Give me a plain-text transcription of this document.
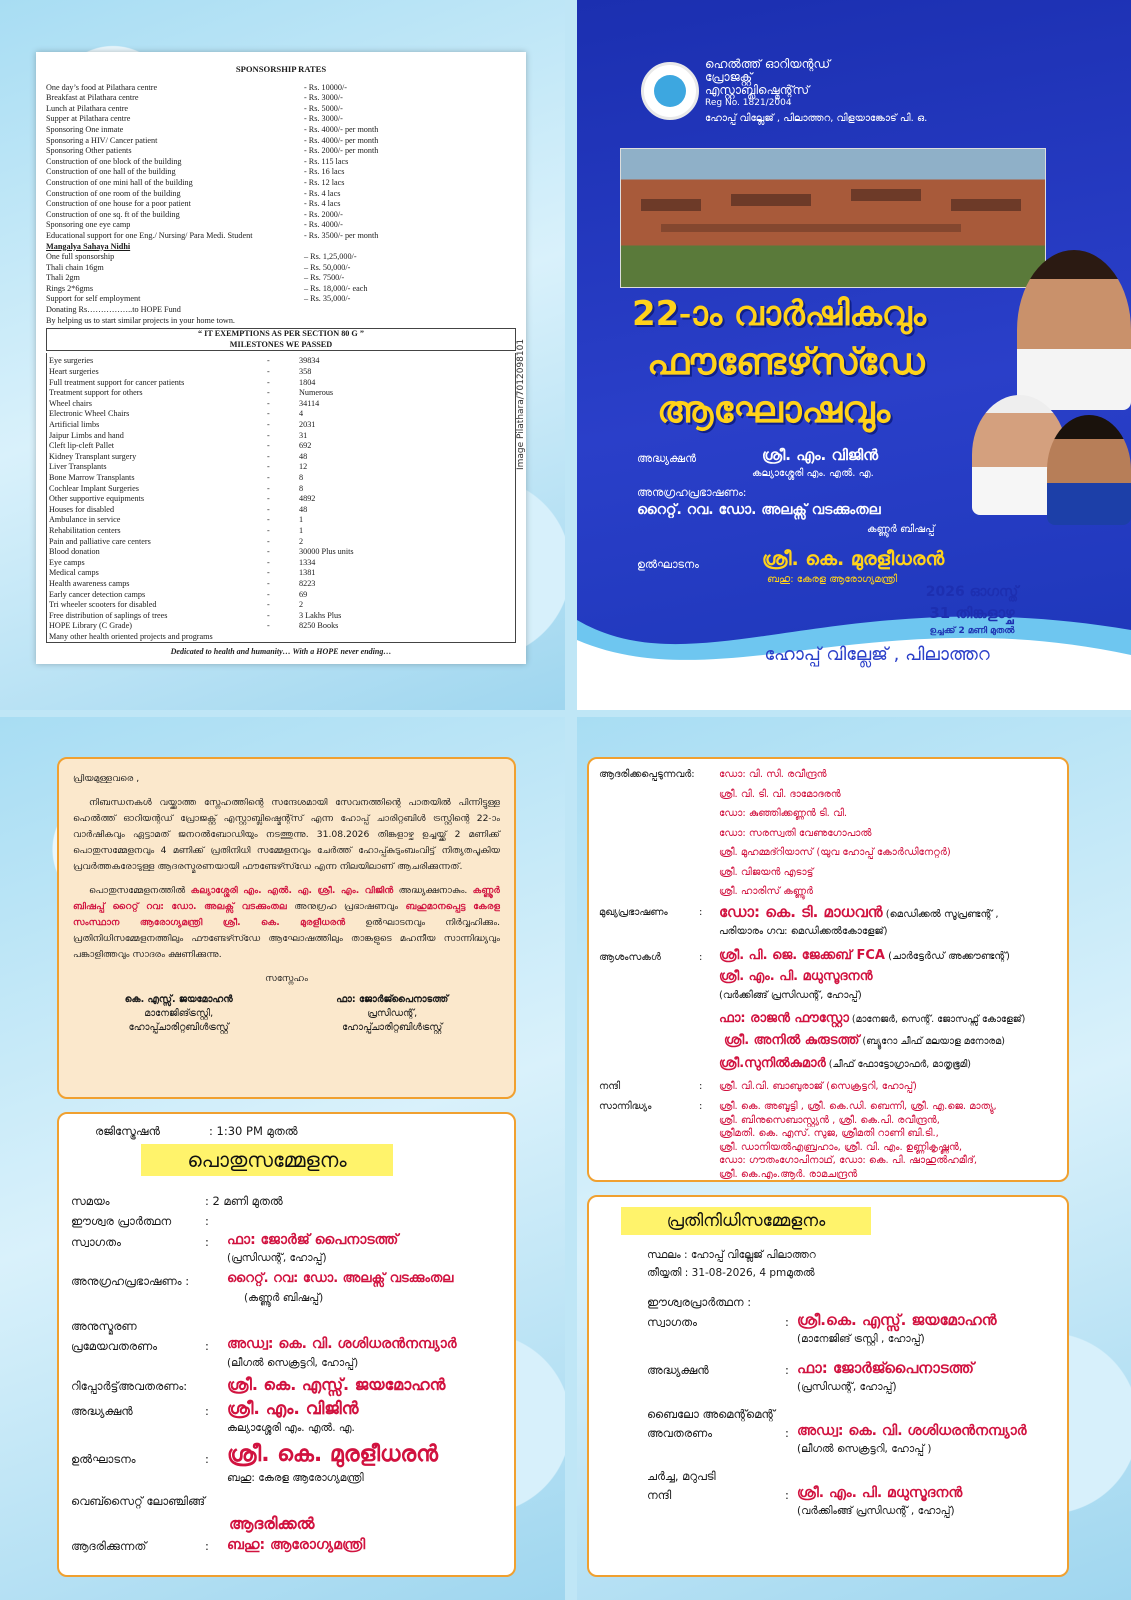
SPONSORSHIP RATES
One day’s food at Pilathara centre	- Rs. 10000/-
Breakfast at Pilathara centre	- Rs. 3000/-
Lunch at Pilathara centre	- Rs. 5000/-
Supper at Pilathara centre	- Rs. 3000/-
Sponsoring One inmate	- Rs. 4000/- per month
Sponsoring a HIV/ Cancer patient	- Rs. 4000/- per month
Sponsoring Other patients	- Rs. 2000/- per month
Construction of one block of the building	- Rs. 115 lacs
Construction of one hall of the building	- Rs. 16 lacs
Construction of one mini hall of the building	- Rs. 12 lacs
Construction of one room of the building	- Rs. 4 lacs
Construction of one house for a poor patient	- Rs. 4 lacs
Construction of one sq. ft of the building	- Rs. 2000/-
Sponsoring one eye camp	- Rs. 4000/-
Educational support for one Eng./ Nursing/ Para Medi. Student	- Rs. 3500/- per month
Mangalya Sahaya Nidhi
One full sponsorship	– Rs. 1,25,000/-
Thali chain 16gm	– Rs. 50,000/-
Thali 2gm	– Rs. 7500/-
Rings 2*6gms	– Rs. 18,000/- each
Support for self employment	– Rs. 35,000/-
Donating Rs……………..to HOPE Fund
By helping us to start similar projects in your home town.
“ IT EXEMPTIONS AS PER SECTION 80 G ”
MILESTONES WE PASSED
Eye surgeries	-	39834
Heart surgeries	-	358
Full treatment support for cancer patients	-	1804
Treatment support for others	-	Numerous
Wheel chairs	-	34114
Electronic Wheel Chairs	-	4
Artificial limbs	-	2031
Jaipur Limbs and hand	-	31
Cleft lip-cleft Pallet	-	692
Kidney Transplant surgery	-	48
Liver Transplants	-	12
Bone Marrow Transplants	-	8
Cochlear Implant Surgeries	-	8
Other supportive equipments	-	4892
Houses for disabled	-	48
Ambulance in service	-	1
Rehabilitation centers	-	1
Pain and palliative care centers	-	2
Blood donation	-	30000 Plus units
Eye camps	-	1334
Medical camps	-	1381
Health awareness camps	-	8223
Early cancer detection camps	-	69
Tri wheeler scooters for disabled	-	2
Free distribution of saplings of trees	-	3 Lakhs Plus
HOPE Library (C Grade)	-	8250 Books
Many other health oriented projects and programs
Dedicated to health and humanity… With a HOPE never ending…
Image Pilathara/7012098101
ഹെൽത്ത് ഓറിയന്റഡ്
പ്രോജക്റ്റ്
എസ്റ്റാബ്ലിഷ്മെന്റ്സ്
Reg No. 1821/2004
ഹോപ്പ് വില്ലേജ് , പിലാത്തറ, വിളയാങ്കോട് പി. ഒ.
22-ാം വാർഷികവും
ഫൗണ്ടേഴ്സ്ഡേ
ആഘോഷവും
അദ്ധ്യക്ഷൻ	ശ്രീ. എം. വിജിൻ
കല്യാശ്ശേരി എം. എൽ. എ.
അനുഗ്രഹപ്രഭാഷണം:
റൈറ്റ്. റവ. ഡോ. അലക്സ് വടക്കുംതല
കണ്ണൂർ ബിഷപ്പ്
ഉൽഘാടനം	ശ്രീ. കെ. മുരളീധരൻ
ബഹു: കേരള ആരോഗ്യമന്ത്രി
2026 ഓഗസ്ത്
31 തിങ്കളാഴ്ച
ഉച്ചക്ക് 2 മണി മുതൽ
ഹോപ്പ് വില്ലേജ് , പിലാത്തറ

പ്രിയമുള്ളവരെ ,

നിബന്ധനകൾ വയ്ക്കാത്ത സ്നേഹത്തിന്റെ സന്ദേശമായി സേവനത്തിന്റെ പാതയിൽ പിന്നിട്ടുള്ള ഹെൽത്ത് ഓറിയന്റഡ് പ്രോജക്റ്റ് എസ്റ്റാബ്ലിഷ്മെന്റ്സ് എന്ന ഹോപ്പ് ചാരിറ്റബിൾ ട്രസ്റ്റിന്റെ 22-ാം വാർഷികവും ഏട്ടാമത് ജനറൽബോഡിയും നടത്തുന്നു. 31.08.2026 തിങ്കളാഴ്ച ഉച്ചയ്ക്ക് 2 മണിക്ക് പൊതുസമ്മേളനവും 4 മണിക്ക് പ്രതിനിധി സമ്മേളനവും ചേർത്ത് ഹോപ്പ്കുടുംബംവിട്ട് നിത്യതപൂകിയ പ്രവർത്തകരോടുള്ള ആദരസ്മരണയായി ഫൗണ്ടേഴ്സ്ഡേ എന്ന നിലയിലാണ് ആചരിക്കുന്നത്.

പൊതുസമ്മേളനത്തിൽ കല്യാശ്ശേരി എം. എൽ. എ. ശ്രീ. എം. വിജിൻ അദ്ധ്യക്ഷനാകും. കണ്ണൂർ ബിഷപ്പ് റൈറ്റ് റവ: ഡോ. അലക്സ് വടക്കുംതല അനുഗ്രഹ പ്രഭാഷണവും ബഹുമാനപ്പെട്ട കേരള സംസ്ഥാന ആരോഗ്യമന്ത്രി ശ്രീ. കെ. മുരളീധരൻ ഉൽഘാടനവും നിർവ്വഹിക്കും. പ്രതിനിധിസമ്മേളനത്തിലും ഫൗണ്ടേഴ്സ്ഡേ ആഘോഷത്തിലും താങ്കളുടെ മഹനീയ സാന്നിദ്ധ്യവും പങ്കാളിത്തവും സാദരം ക്ഷണിക്കുന്നു.

സസ്നേഹം
കെ. എസ്സ്. ജയമോഹൻ
മാനേജിങ്ട്രസ്റ്റി,
ഹോപ്പ്ചാരിറ്റബിൾട്രസ്റ്റ്
ഫാ: ജോർജ്പൈനാടത്ത്
പ്രസിഡന്റ്,
ഹോപ്പ്ചാരിറ്റബിൾട്രസ്റ്റ്
രജിസ്ട്രേഷൻ	: 1:30 PM മുതൽ
പൊതുസമ്മേളനം
സമയം	: 2 മണി മുതൽ
ഈശ്വര പ്രാർത്ഥന	:
സ്വാഗതം	: ഫാ: ജോർജ് പൈനാടത്ത്
(പ്രസിഡന്റ്, ഹോപ്പ്)
അനുഗ്രഹപ്രഭാഷണം :	റൈറ്റ്. റവ: ഡോ. അലക്സ് വടക്കുംതല
(കണ്ണൂർ ബിഷപ്പ്)
അനുസ്മരണ
പ്രമേയവതരണം	: അഡ്വ: കെ. വി. ശശിധരൻനമ്പ്യാർ
(ലീഗൽ സെക്രട്ടറി, ഹോപ്പ്)
റിപ്പോർട്ട്അവതരണം: ശ്രീ. കെ. എസ്സ്. ജയമോഹൻ
അദ്ധ്യക്ഷൻ	: ശ്രീ. എം. വിജിൻ
കല്യാശ്ശേരി എം. എൽ. എ.
ഉൽഘാടനം	: ശ്രീ. കെ. മുരളീധരൻ
ബഹു: കേരള ആരോഗ്യമന്ത്രി
വെബ്സൈറ്റ് ലോഞ്ചിങ്ങ്
ആദരിക്കൽ
ആദരിക്കുന്നത്	: ബഹു: ആരോഗ്യമന്ത്രി
ആദരിക്കപ്പെടുന്നവർ: ഡോ: വി. സി. രവീന്ദ്രൻ
ശ്രീ. വി. ടി. വി. ദാമോദരൻ
ഡോ: കുഞ്ഞിക്കണ്ണൻ ടി. വി.
ഡോ: സരസ്വതി വേണുഗോപാൽ
ശ്രീ. മുഹമ്മദ്റിയാസ് (യുവ ഹോപ്പ് കോർഡിനേറ്റർ)
ശ്രീ. വിജയൻ എടാട്ട്
ശ്രീ. ഹാരിസ് കണ്ണൂർ
മുഖ്യപ്രഭാഷണം	: ഡോ: കെ. ടി. മാധവൻ (മെഡിക്കൽ സൂപ്രണ്ടന്റ് ,
പരിയാരം ഗവ: മെഡിക്കൽകോളേജ്)
ആശംസകൾ	: ശ്രീ. പി. ജെ. ജേക്കബ് FCA (ചാർട്ടേർഡ് അക്കൗണ്ടന്റ്)
ശ്രീ. എം. പി. മധുസൂദനൻ
(വർക്കിങ്ങ് പ്രസിഡന്റ്, ഹോപ്പ്)
ഫാ: രാജൻ ഫൗസ്റ്റോ (മാനേജർ, സെന്റ്. ജോസഫ്സ് കോളേജ്)
ശ്രീ. അനിൽ കുരുടത്ത് (ബ്യൂറോ ചീഫ് മലയാള മനോരമ)
ശ്രീ.സുനിൽകുമാർ (ചീഫ് ഫോട്ടോഗ്രാഫർ, മാതൃഭൂമി)
നന്ദി	: ശ്രീ. വി.വി. ബാബുരാജ് (സെക്രട്ടറി, ഹോപ്പ്)
സാന്നിദ്ധ്യം	: ശ്രീ. കെ. അബൂട്ടി , ശ്രീ. കെ.ഡി. ബെന്നി, ശ്രീ. എ.ജെ. മാത്യു,
ശ്രീ. ബിനുസെബാസ്റ്റ്യൻ , ശ്രീ. കെ.പി. രവീന്ദ്രൻ,
ശ്രീമതി. കെ. എസ്. സുജ, ശ്രീമതി റാണി ബി.ടി.,
ശ്രീ. ഡാനിയൽഎബ്രഹാം, ശ്രീ. വി. എം. ഉണ്ണികൃഷ്ണൻ,
ഡോ: ഗൗതംഗോപിനാഥ്, ഡോ: കെ. പി. ഷാഹുൽഹമീദ്,
ശ്രീ. കെ.എം.ആർ. രാമചന്ദ്രൻ
പ്രതിനിധിസമ്മേളനം
സ്ഥലം : ഹോപ്പ് വില്ലേജ് പിലാത്തറ
തീയ്യതി : 31-08-2026, 4 pmമുതൽ
ഈശ്വരപ്രാർത്ഥന :
സ്വാഗതം	: ശ്രീ.കെ. എസ്സ്. ജയമോഹൻ
(മാനേജിങ് ട്രസ്റ്റി , ഹോപ്പ്)
അദ്ധ്യക്ഷൻ	: ഫാ: ജോർജ്പൈനാടത്ത്
(പ്രസിഡന്റ്, ഹോപ്പ്)
ബൈലോ അമെന്റ്മെന്റ്
അവതരണം	: അഡ്വ: കെ. വി. ശശിധരൻനമ്പ്യാർ
(ലീഗൽ സെക്രട്ടറി, ഹോപ്പ് )
ചർച്ച, മറുപടി
നന്ദി	: ശ്രീ. എം. പി. മധുസൂദനൻ
(വർക്കിംങ്ങ് പ്രസിഡന്റ് , ഹോപ്പ്)
